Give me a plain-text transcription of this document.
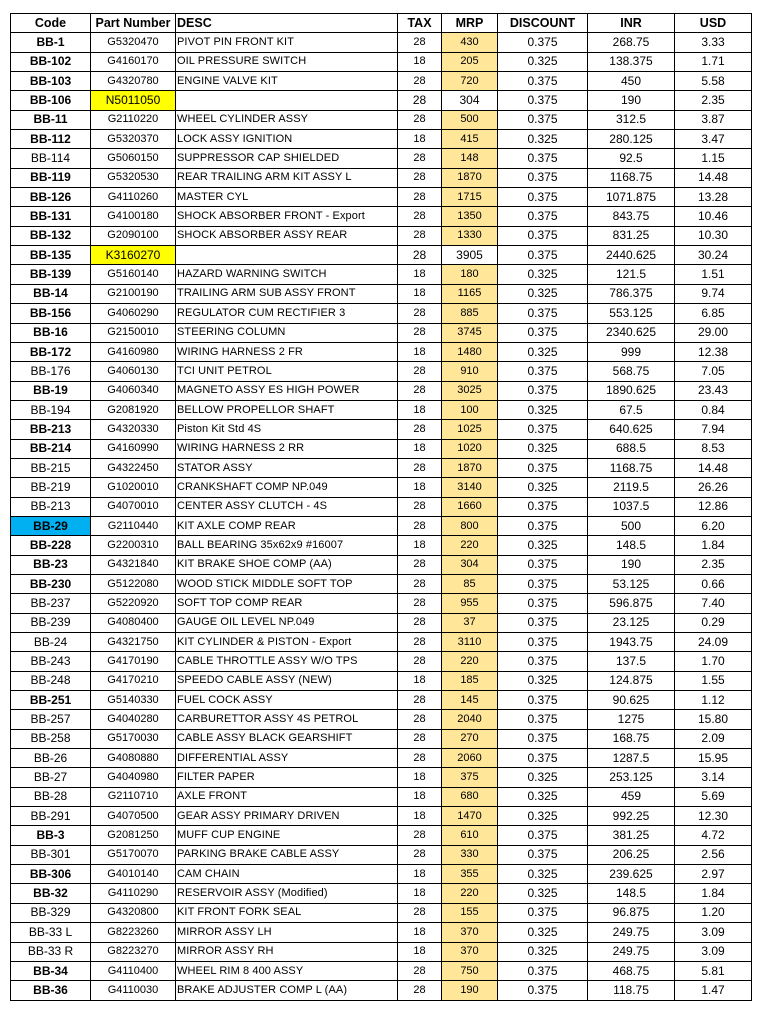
Code	Part Number	DESC	TAX	MRP	DISCOUNT	INR	USD
BB-1	G5320470	PIVOT PIN FRONT KIT	28	430	0.375	268.75	3.33
BB-102	G4160170	OIL PRESSURE SWITCH	18	205	0.325	138.375	1.71
BB-103	G4320780	ENGINE VALVE KIT	28	720	0.375	450	5.58
BB-106	N5011050		28	304	0.375	190	2.35
BB-11	G2110220	WHEEL CYLINDER ASSY	28	500	0.375	312.5	3.87
BB-112	G5320370	LOCK ASSY IGNITION	18	415	0.325	280.125	3.47
BB-114	G5060150	SUPPRESSOR CAP SHIELDED	28	148	0.375	92.5	1.15
BB-119	G5320530	REAR TRAILING ARM KIT ASSY L	28	1870	0.375	1168.75	14.48
BB-126	G4110260	MASTER CYL	28	1715	0.375	1071.875	13.28
BB-131	G4100180	SHOCK ABSORBER FRONT - Export	28	1350	0.375	843.75	10.46
BB-132	G2090100	SHOCK ABSORBER ASSY REAR	28	1330	0.375	831.25	10.30
BB-135	K3160270		28	3905	0.375	2440.625	30.24
BB-139	G5160140	HAZARD WARNING SWITCH	18	180	0.325	121.5	1.51
BB-14	G2100190	TRAILING ARM SUB ASSY FRONT	18	1165	0.325	786.375	9.74
BB-156	G4060290	REGULATOR CUM RECTIFIER 3	28	885	0.375	553.125	6.85
BB-16	G2150010	STEERING COLUMN	28	3745	0.375	2340.625	29.00
BB-172	G4160980	WIRING HARNESS 2 FR	18	1480	0.325	999	12.38
BB-176	G4060130	TCI UNIT PETROL	28	910	0.375	568.75	7.05
BB-19	G4060340	MAGNETO ASSY ES HIGH POWER	28	3025	0.375	1890.625	23.43
BB-194	G2081920	BELLOW PROPELLOR SHAFT	18	100	0.325	67.5	0.84
BB-213	G4320330	Piston Kit Std 4S	28	1025	0.375	640.625	7.94
BB-214	G4160990	WIRING HARNESS 2 RR	18	1020	0.325	688.5	8.53
BB-215	G4322450	STATOR ASSY	28	1870	0.375	1168.75	14.48
BB-219	G1020010	CRANKSHAFT COMP NP.049	18	3140	0.325	2119.5	26.26
BB-213	G4070010	CENTER ASSY CLUTCH - 4S	28	1660	0.375	1037.5	12.86
BB-29	G2110440	KIT AXLE COMP REAR	28	800	0.375	500	6.20
BB-228	G2200310	BALL BEARING 35x62x9 #16007	18	220	0.325	148.5	1.84
BB-23	G4321840	KIT BRAKE SHOE COMP (AA)	28	304	0.375	190	2.35
BB-230	G5122080	WOOD STICK MIDDLE SOFT TOP	28	85	0.375	53.125	0.66
BB-237	G5220920	SOFT TOP COMP REAR	28	955	0.375	596.875	7.40
BB-239	G4080400	GAUGE OIL LEVEL NP.049	28	37	0.375	23.125	0.29
BB-24	G4321750	KIT CYLINDER & PISTON - Export	28	3110	0.375	1943.75	24.09
BB-243	G4170190	CABLE THROTTLE ASSY W/O TPS	28	220	0.375	137.5	1.70
BB-248	G4170210	SPEEDO CABLE ASSY (NEW)	18	185	0.325	124.875	1.55
BB-251	G5140330	FUEL COCK ASSY	28	145	0.375	90.625	1.12
BB-257	G4040280	CARBURETTOR ASSY 4S PETROL	28	2040	0.375	1275	15.80
BB-258	G5170030	CABLE ASSY BLACK GEARSHIFT	28	270	0.375	168.75	2.09
BB-26	G4080880	DIFFERENTIAL ASSY	28	2060	0.375	1287.5	15.95
BB-27	G4040980	FILTER PAPER	18	375	0.325	253.125	3.14
BB-28	G2110710	AXLE FRONT	18	680	0.325	459	5.69
BB-291	G4070500	GEAR ASSY PRIMARY DRIVEN	18	1470	0.325	992.25	12.30
BB-3	G2081250	MUFF CUP ENGINE	28	610	0.375	381.25	4.72
BB-301	G5170070	PARKING BRAKE CABLE ASSY	28	330	0.375	206.25	2.56
BB-306	G4010140	CAM CHAIN	18	355	0.325	239.625	2.97
BB-32	G4110290	RESERVOIR ASSY (Modified)	18	220	0.325	148.5	1.84
BB-329	G4320800	KIT FRONT FORK SEAL	28	155	0.375	96.875	1.20
BB-33 L	G8223260	MIRROR ASSY LH	18	370	0.325	249.75	3.09
BB-33 R	G8223270	MIRROR ASSY RH	18	370	0.325	249.75	3.09
BB-34	G4110400	WHEEL RIM 8 400 ASSY	28	750	0.375	468.75	5.81
BB-36	G4110030	BRAKE ADJUSTER COMP L (AA)	28	190	0.375	118.75	1.47
